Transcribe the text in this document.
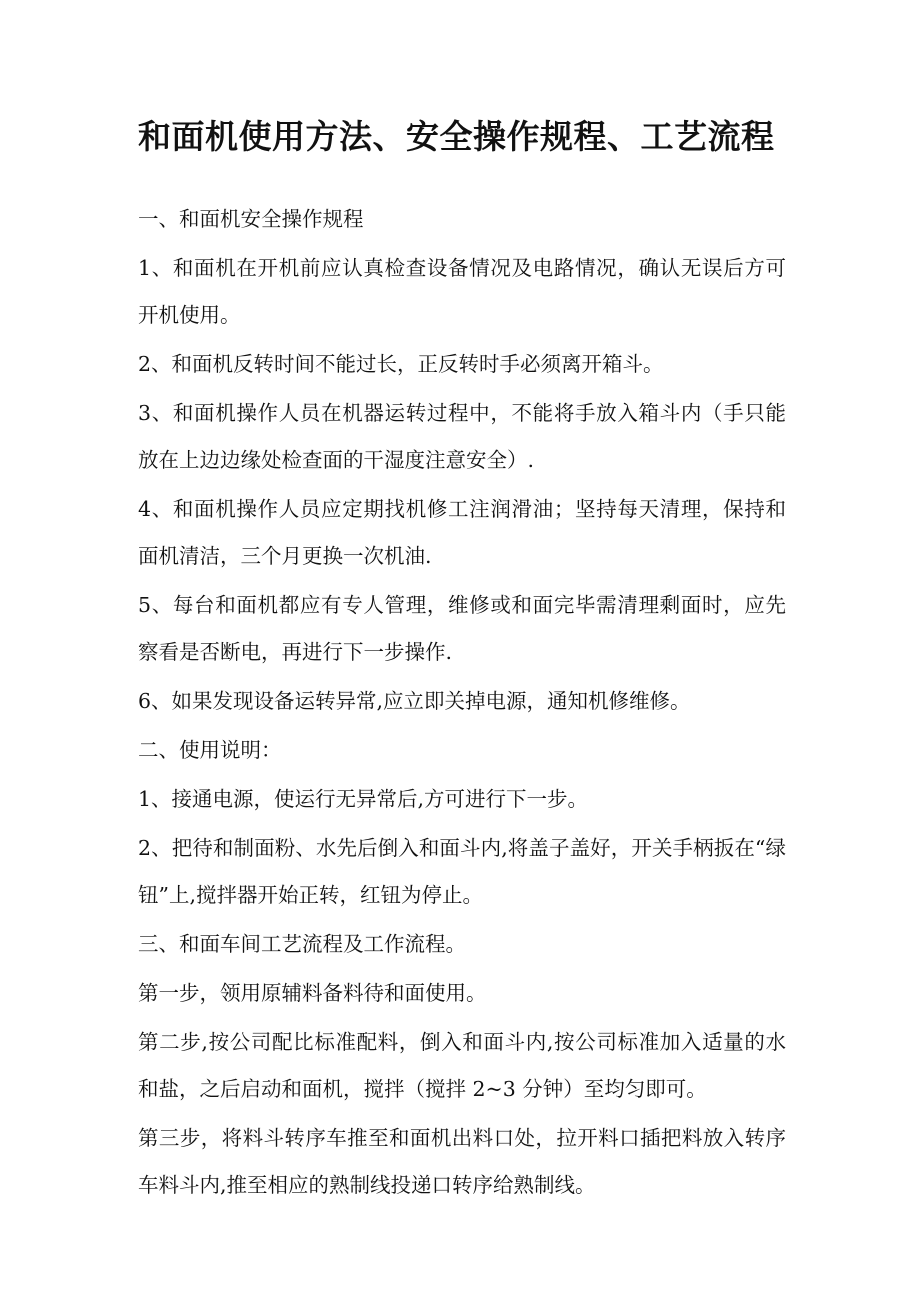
和面机使用方法、安全操作规程、工艺流程

一、和面机安全操作规程

1、和面机在开机前应认真检查设备情况及电路情况，确认无误后方可开机使用。

2、和面机反转时间不能过长，正反转时手必须离开箱斗。

3、和面机操作人员在机器运转过程中，不能将手放入箱斗内（手只能放在上边边缘处检查面的干湿度注意安全）.

4、和面机操作人员应定期找机修工注润滑油；坚持每天清理，保持和面机清洁，三个月更换一次机油.

5、每台和面机都应有专人管理，维修或和面完毕需清理剩面时，应先察看是否断电，再进行下一步操作.

6、如果发现设备运转异常,应立即关掉电源，通知机修维修。

二、使用说明：

1、接通电源，使运行无异常后,方可进行下一步。

2、把待和制面粉、水先后倒入和面斗内,将盖子盖好，开关手柄扳在“绿钮”上,搅拌器开始正转，红钮为停止。

三、和面车间工艺流程及工作流程。

第一步，领用原辅料备料待和面使用。

第二步,按公司配比标准配料，倒入和面斗内,按公司标准加入适量的水和盐，之后启动和面机，搅拌（搅拌 2~3 分钟）至均匀即可。

第三步，将料斗转序车推至和面机出料口处，拉开料口插把料放入转序车料斗内,推至相应的熟制线投递口转序给熟制线。
